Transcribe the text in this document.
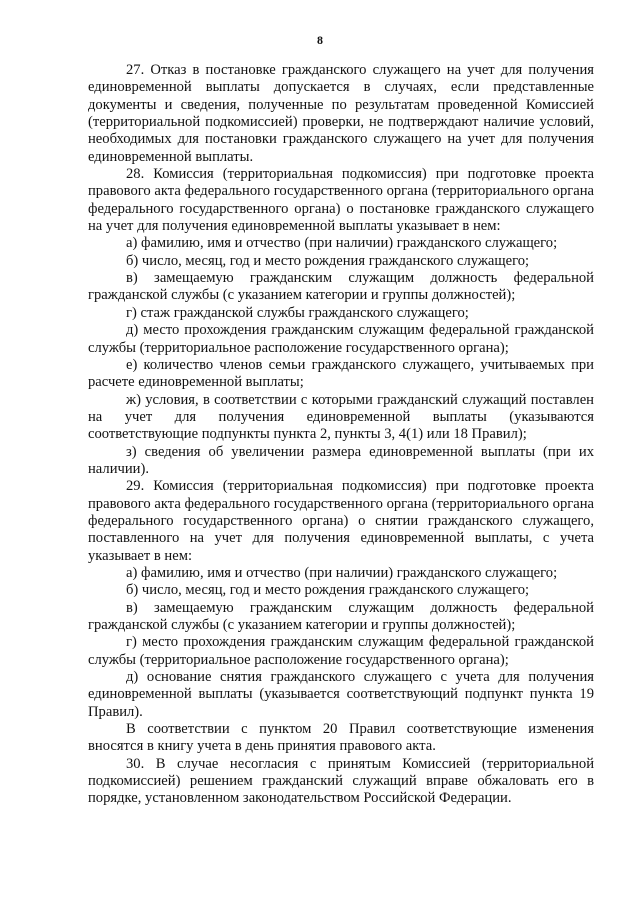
8

27. Отказ в постановке гражданского служащего на учет для получения единовременной выплаты допускается в случаях, если представленные документы и сведения, полученные по результатам проведенной Комиссией (территориальной подкомиссией) проверки, не подтверждают наличие условий, необходимых для постановки гражданского служащего на учет для получения единовременной выплаты.

28. Комиссия (территориальная подкомиссия) при подготовке проекта правового акта федерального государственного органа (территориального органа федерального государственного органа) о постановке гражданского служащего на учет для получения единовременной выплаты указывает в нем:

а) фамилию, имя и отчество (при наличии) гражданского служащего;

б) число, месяц, год и место рождения гражданского служащего;

в) замещаемую гражданским служащим должность федеральной гражданской службы (с указанием категории и группы должностей);

г) стаж гражданской службы гражданского служащего;

д) место прохождения гражданским служащим федеральной гражданской службы (территориальное расположение государственного органа);

е) количество членов семьи гражданского служащего, учитываемых при расчете единовременной выплаты;

ж) условия, в соответствии с которыми гражданский служащий поставлен на учет для получения единовременной выплаты (указываются соответствующие подпункты пункта 2, пункты 3, 4(1) или 18 Правил);

з) сведения об увеличении размера единовременной выплаты (при их наличии).

29. Комиссия (территориальная подкомиссия) при подготовке проекта правового акта федерального государственного органа (территориального органа федерального государственного органа) о снятии гражданского служащего, поставленного на учет для получения единовременной выплаты, с учета указывает в нем:

а) фамилию, имя и отчество (при наличии) гражданского служащего;

б) число, месяц, год и место рождения гражданского служащего;

в) замещаемую гражданским служащим должность федеральной гражданской службы (с указанием категории и группы должностей);

г) место прохождения гражданским служащим федеральной гражданской службы (территориальное расположение государственного органа);

д) основание снятия гражданского служащего с учета для получения единовременной выплаты (указывается соответствующий подпункт пункта 19 Правил).

В соответствии с пунктом 20 Правил соответствующие изменения вносятся в книгу учета в день принятия правового акта.

30. В случае несогласия с принятым Комиссией (территориальной подкомиссией) решением гражданский служащий вправе обжаловать его в порядке, установленном законодательством Российской Федерации.
